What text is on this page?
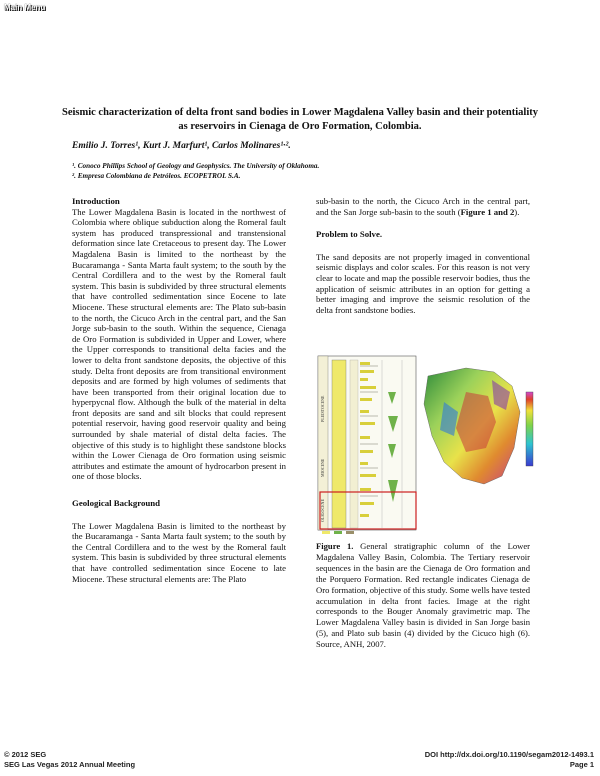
Main Menu
Seismic characterization of delta front sand bodies in Lower Magdalena Valley basin and their potentiality as reservoirs in Cienaga de Oro Formation, Colombia.
Emilio J. Torres¹, Kurt J. Marfurt¹, Carlos Molinares¹·².
¹. Conoco Phillips School of Geology and Geophysics. The University of Oklahoma.
². Empresa Colombiana de Petróleos. ECOPETROL S.A.
Introduction

The Lower Magdalena Basin is located in the northwest of Colombia where oblique subduction along the Romeral fault system has produced transpressional and transtensional deformation since late Cretaceous to present day. The Lower Magdalena Basin is limited to the northeast by the Bucaramanga - Santa Marta fault system; to the south by the Central Cordillera and to the west by the Romeral fault system. This basin is subdivided by three structural elements that have controlled sedimentation since Eocene to late Miocene. These structural elements are: The Plato sub-basin to the north, the Cicuco Arch in the central part, and the San Jorge sub-basin to the south. Within the sequence, Cienaga de Oro Formation is subdivided in Upper and Lower, where the Upper corresponds to transitional delta facies and the lower to delta front sandstone deposits, the objective of this study. Delta front deposits are from transitional environment deposits and are formed by high volumes of sediments that have been transported from their original location due to hyperpycnal flow. Although the bulk of the material in delta front deposits are sand and silt blocks that could represent potential reservoir, having good reservoir quality and being surrounded by shale material of distal delta facies. The objective of this study is to highlight these sandstone blocks within the Lower Cienaga de Oro formation using seismic attributes and estimate the amount of hydrocarbon present in one of those blocks.

Geological Background

The Lower Magdalena Basin is limited to the northeast by the Bucaramanga - Santa Marta fault system; to the south by the Central Cordillera and to the west by the Romeral fault system. This basin is subdivided by three structural elements that have controlled sedimentation since Eocene to late Miocene. These structural elements are: The Plato

sub-basin to the north, the Cicuco Arch in the central part, and the San Jorge sub-basin to the south (Figure 1 and 2).

Problem to Solve.

The sand deposits are not properly imaged in conventional seismic displays and color scales. For this reason is not very clear to locate and map the possible reservoir bodies, thus the application of seismic attributes in an option for getting a better imaging and improve the seismic resolution of the delta front sandstone bodies.

PLEISTOCENE
MIOCENE
OLIGOCENE

Figure 1. General stratigraphic column of the Lower Magdalena Valley Basin, Colombia. The Tertiary reservoir sequences in the basin are the Cienaga de Oro formation and the Porquero Formation. Red rectangle indicates Cienaga de Oro formation, objective of this study. Some wells have tested accumulation in delta front facies. Image at the right corresponds to the Bouger Anomaly gravimetric map. The Lower Magdalena Valley basin is divided in San Jorge basin (5), and Plato sub basin (4) divided by the Cicuco high (6). Source, ANH, 2007.

© 2012 SEG
SEG Las Vegas 2012 Annual Meeting
DOI http://dx.doi.org/10.1190/segam2012-1493.1
Page 1
